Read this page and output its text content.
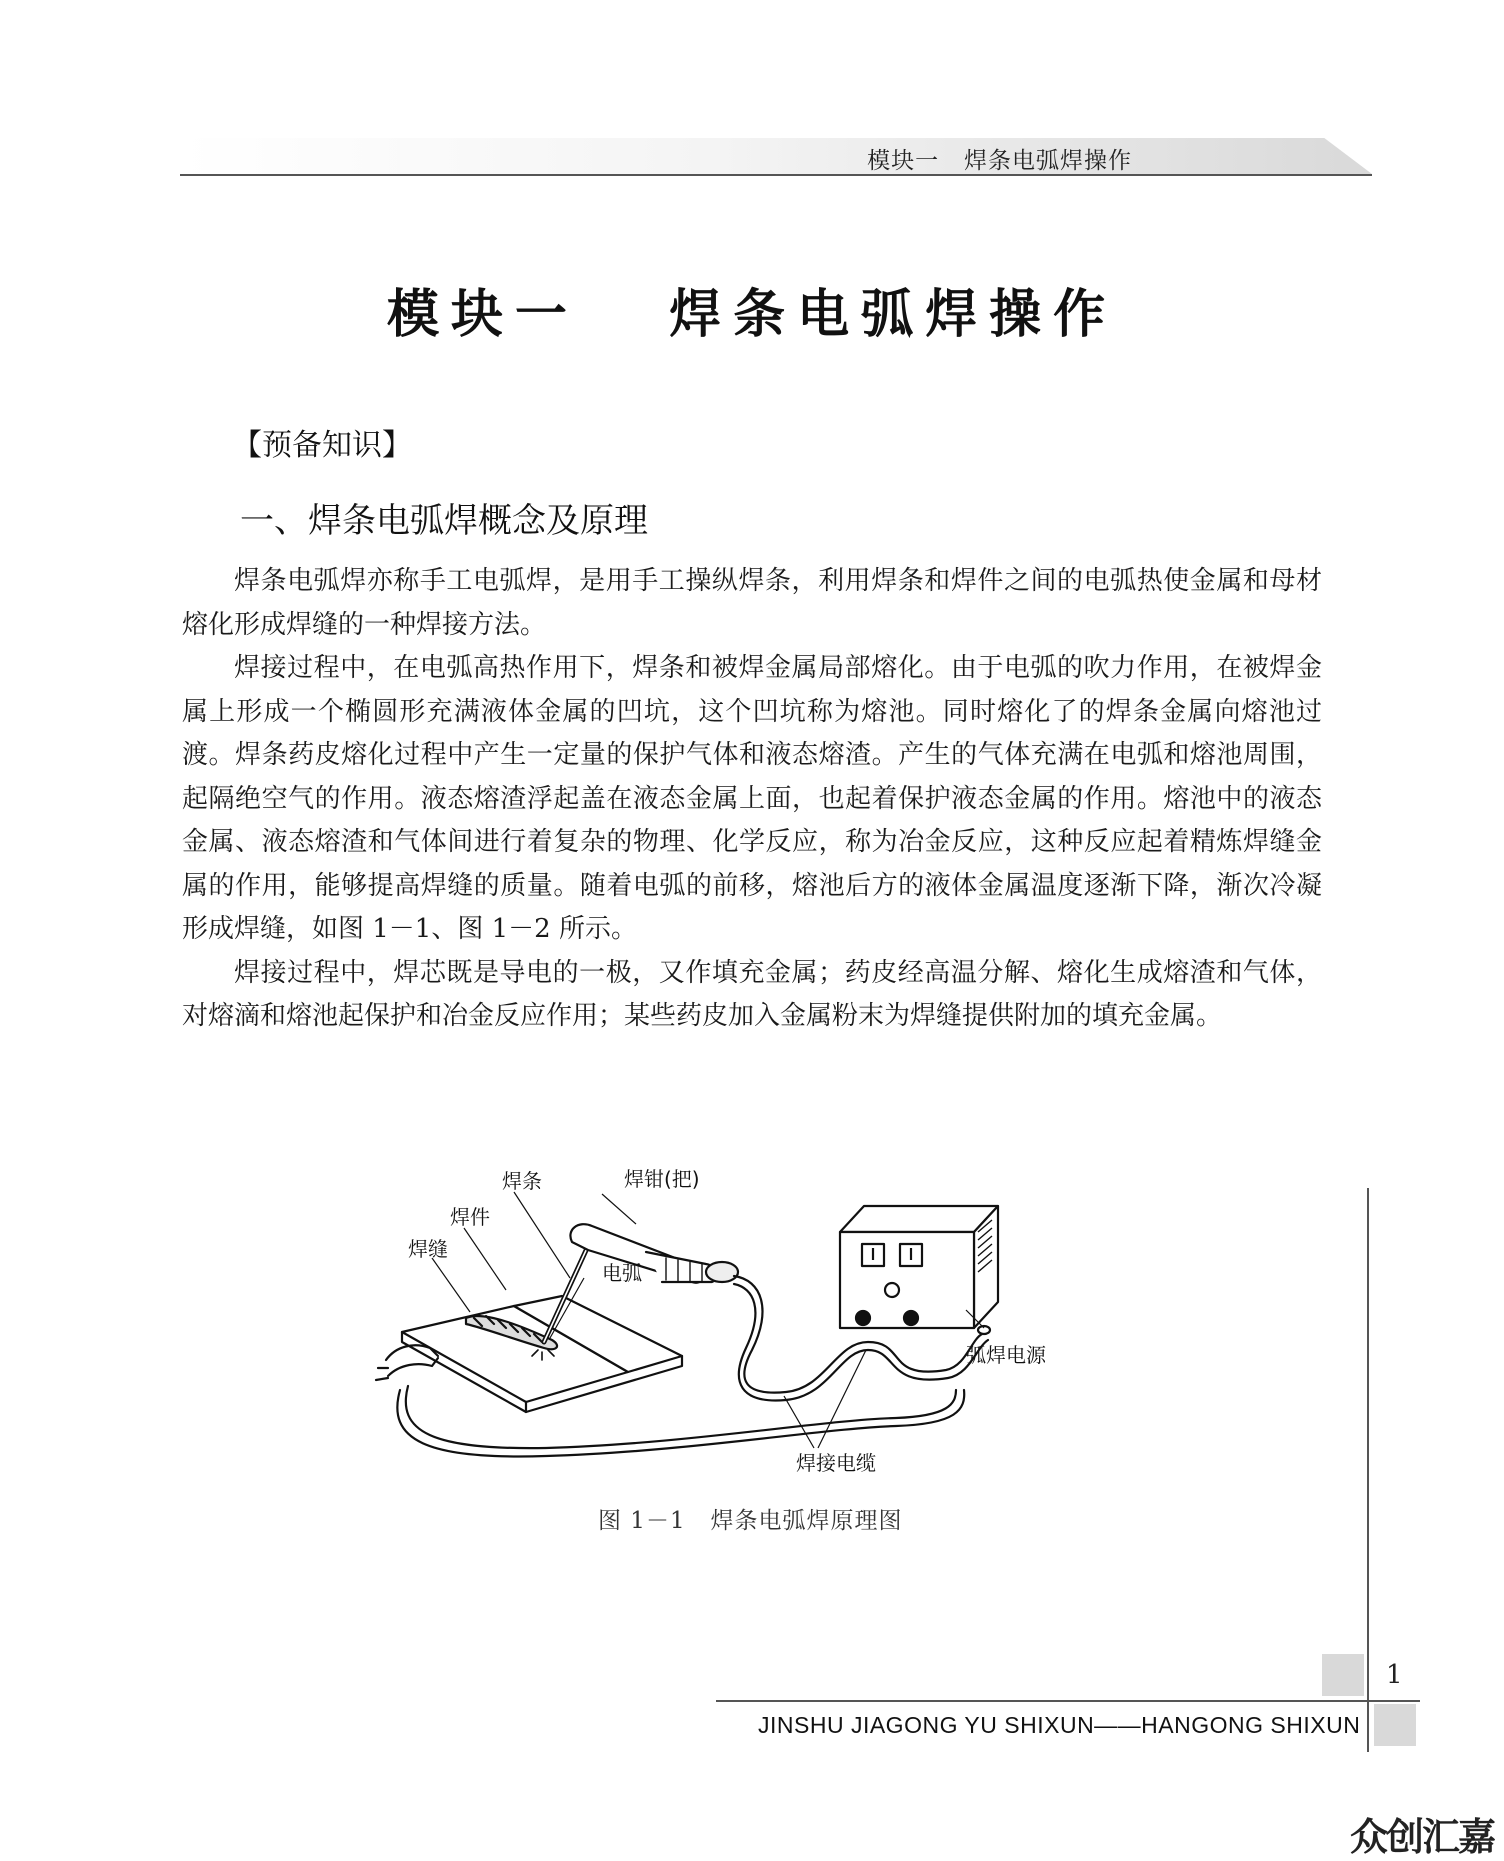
模块一   焊条电弧焊操作
模块一   焊条电弧焊操作
【预备知识】
一、焊条电弧焊概念及原理

焊条电弧焊亦称手工电弧焊，是用手工操纵焊条，利用焊条和焊件之间的电弧热使金属和母材熔化形成焊缝的一种焊接方法。

焊接过程中，在电弧高热作用下，焊条和被焊金属局部熔化。由于电弧的吹力作用，在被焊金属上形成一个椭圆形充满液体金属的凹坑，这个凹坑称为熔池。同时熔化了的焊条金属向熔池过渡。焊条药皮熔化过程中产生一定量的保护气体和液态熔渣。产生的气体充满在电弧和熔池周围，起隔绝空气的作用。液态熔渣浮起盖在液态金属上面，也起着保护液态金属的作用。熔池中的液态金属、液态熔渣和气体间进行着复杂的物理、化学反应，称为冶金反应，这种反应起着精炼焊缝金属的作用，能够提高焊缝的质量。随着电弧的前移，熔池后方的液体金属温度逐渐下降，渐次冷凝形成焊缝，如图 1－1、图 1－2 所示。

焊接过程中，焊芯既是导电的一极，又作填充金属；药皮经高温分解、熔化生成熔渣和气体，对熔滴和熔池起保护和冶金反应作用；某些药皮加入金属粉末为焊缝提供附加的填充金属。

焊条	焊钳(把)
焊件
焊缝
电弧
弧焊电源
焊接电缆
图 1－1   焊条电弧焊原理图
1
JINSHU JIAGONG YU SHIXUN——HANGONG SHIXUN
众创汇嘉
